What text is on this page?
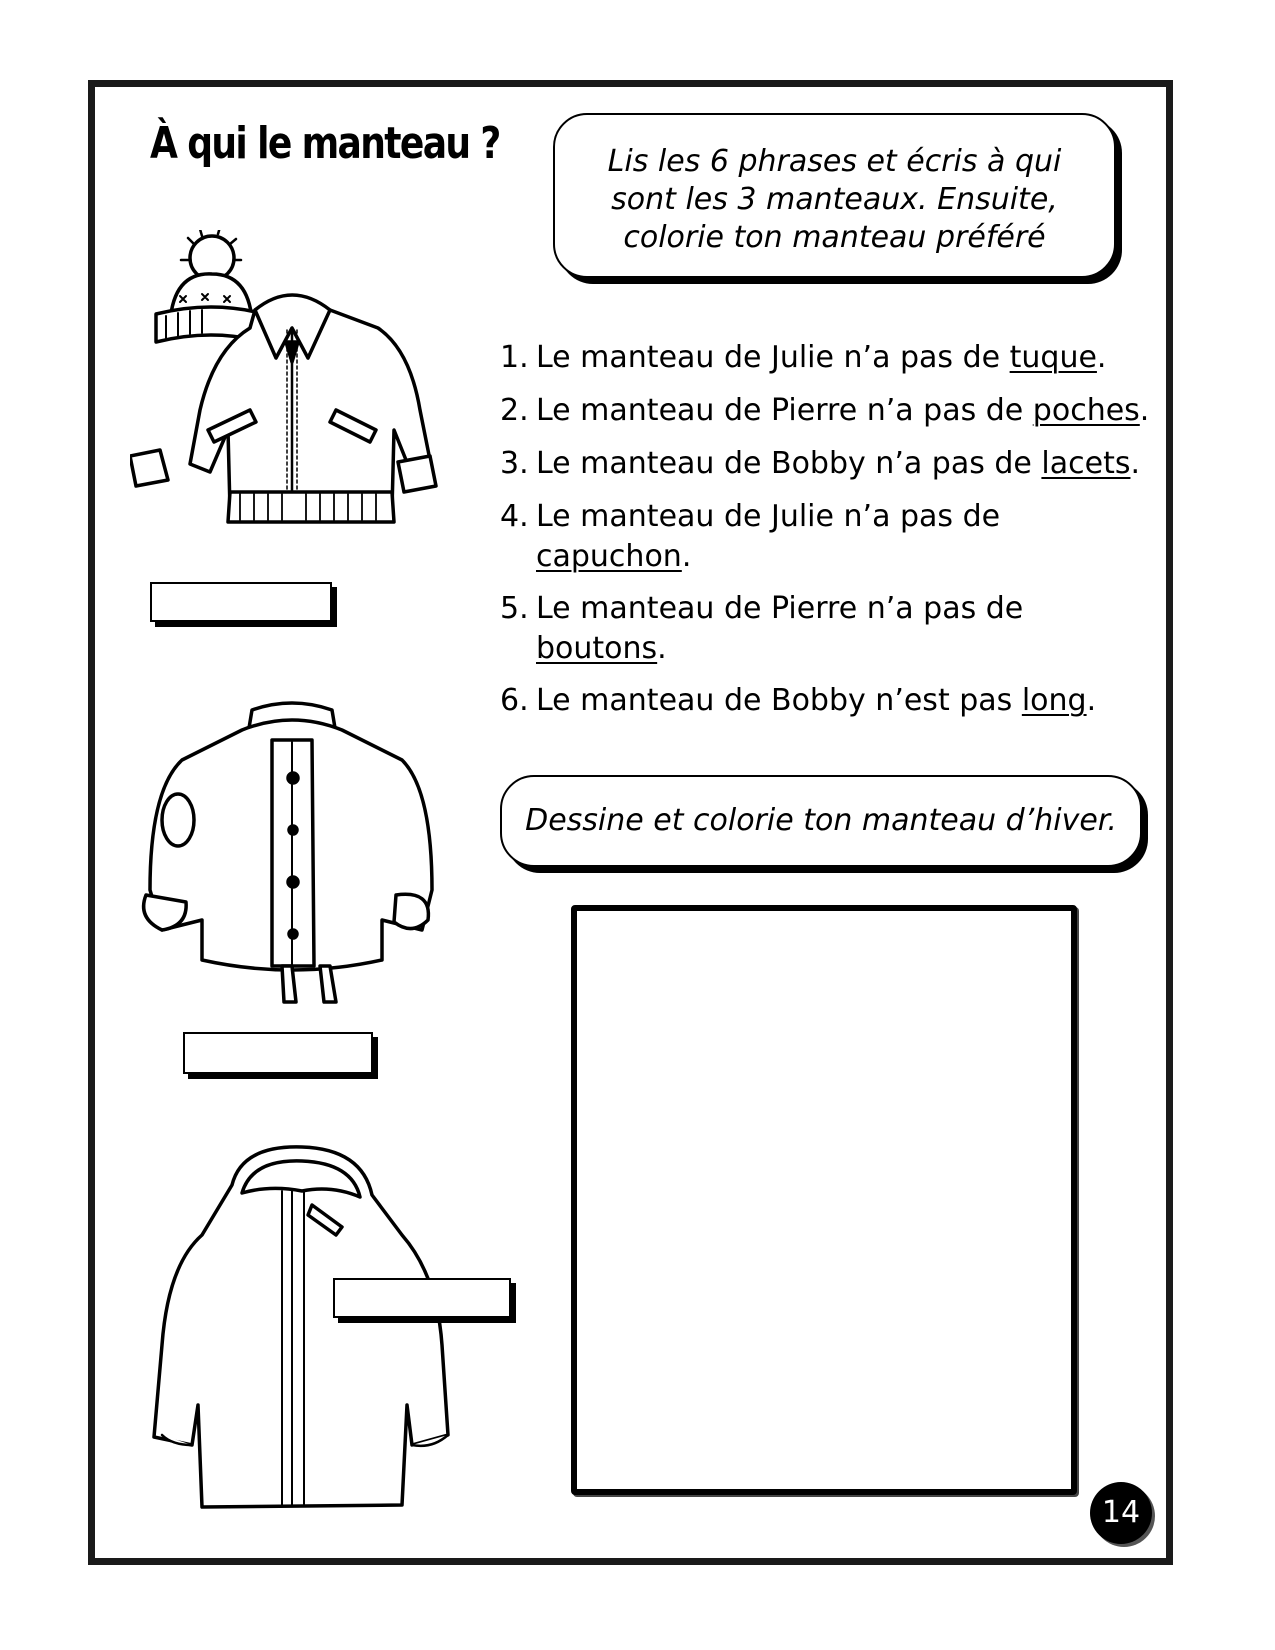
À qui le manteau ?	Lis les 6 phrases et écris à qui
sont les 3 manteaux. Ensuite,
colorie ton manteau préféré
1. Le manteau de Julie n’a pas de tuque.
2. Le manteau de Pierre n’a pas de poches.
3. Le manteau de Bobby n’a pas de lacets.
4. Le manteau de Julie n’a pas de capuchon.
5. Le manteau de Pierre n’a pas de boutons.
6. Le manteau de Bobby n’est pas long.
Dessine et colorie ton manteau d’hiver.
14
